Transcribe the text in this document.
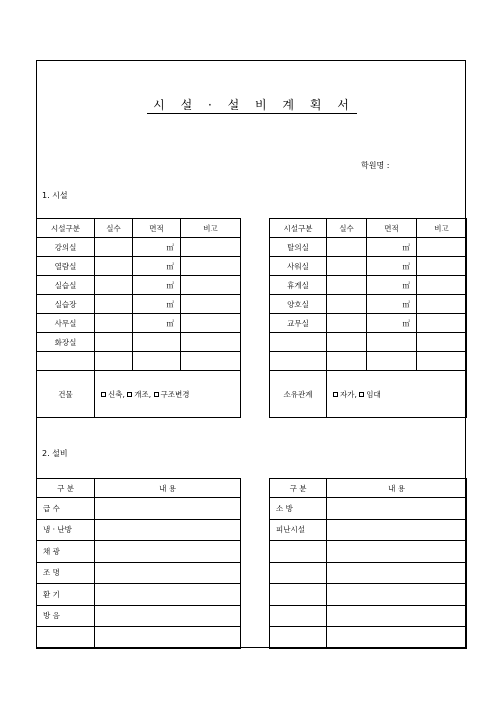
시 설 · 설 비 계 획 서
학원명 :
1. 시설
2. 설비
시설구분	실수	면적	비고
강의실		㎡	
열람실		㎡	
실습실		㎡	
실습장		㎡	
사무실		㎡	
화장실			

건물	신축, 개조, 구조변경		
시설구분	실수	면적	비고
탈의실		㎡	
사워실		㎡	
휴게실		㎡	
양호실		㎡	
교무실		㎡	

소유관계	자가, 임대		
구 분	내 용
급 수	
냉 · 난방	
채 광	
조 명	
환 기	
방 음	

구 분	내 용
소 방	
피난시설	
